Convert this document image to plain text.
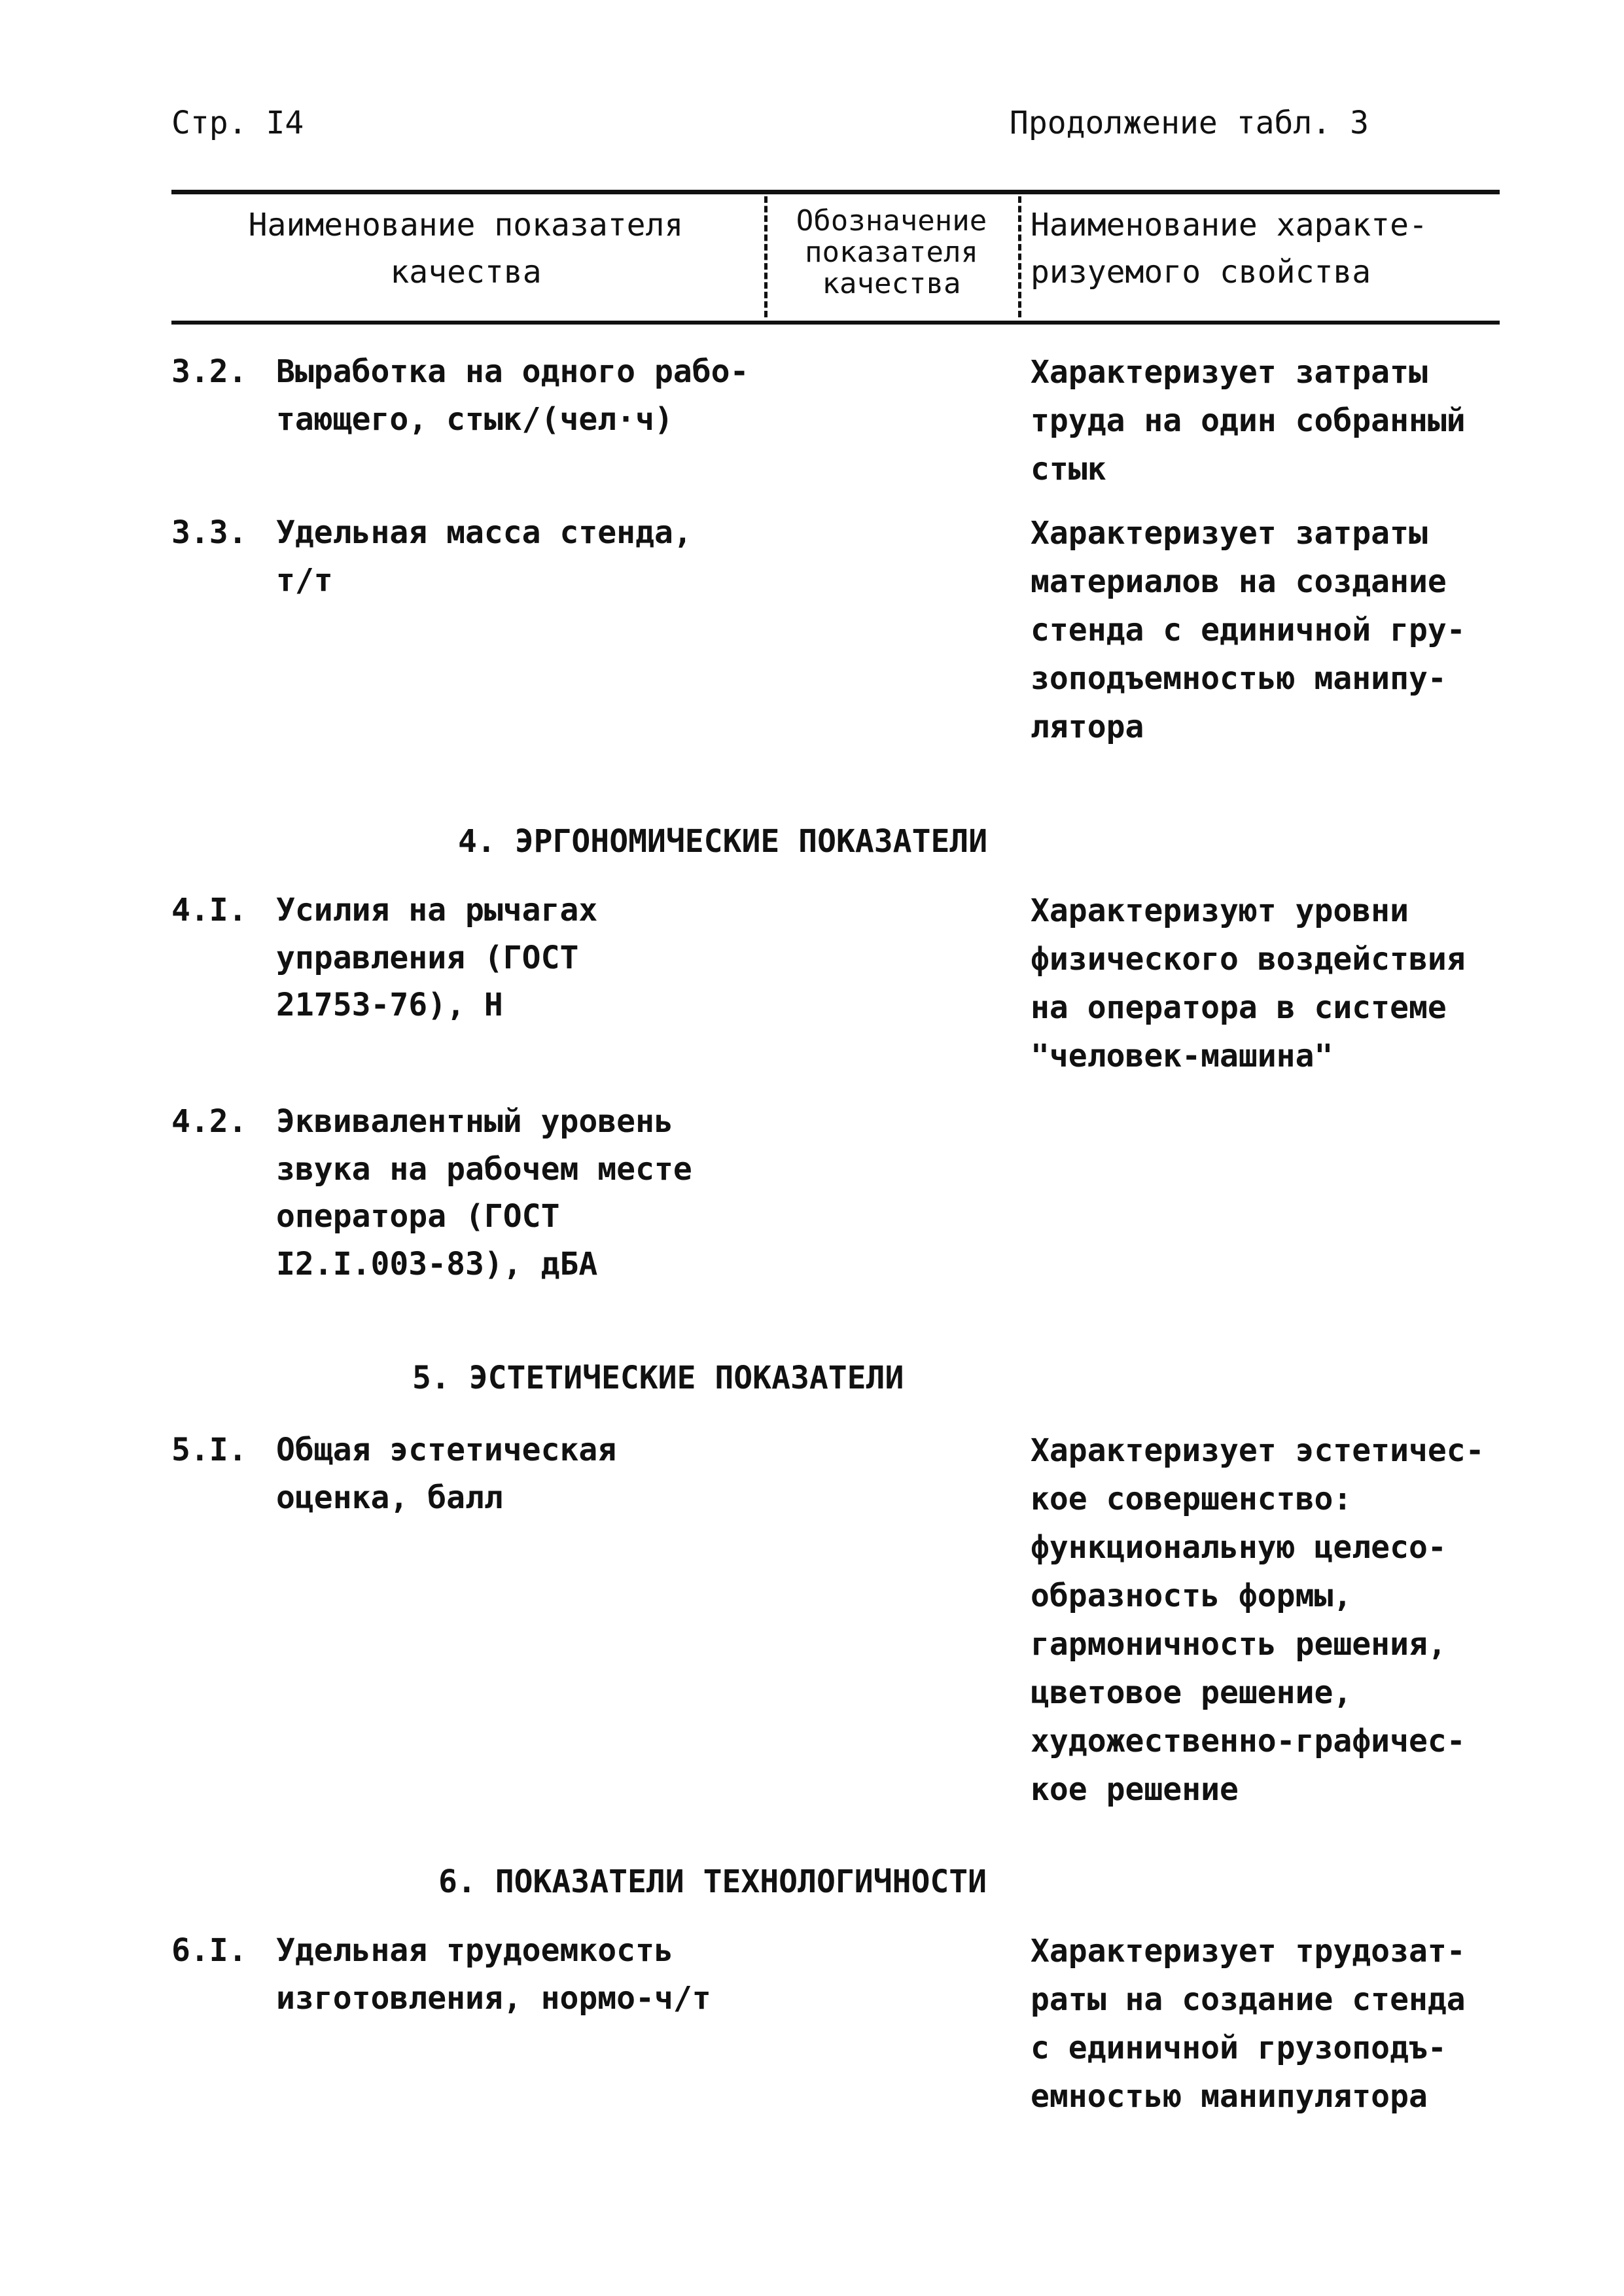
Стр. I4	Продолжение табл. 3
Наименование показателя
качества
Обозначение
показателя
качества
Наименование характе-
ризуемого свойства
3.2. Выработка на одного рабо-
тающего, стык/(чел·ч)
Характеризует затраты
труда на один собранный
стык
3.3. Удельная масса стенда,
т/т
Характеризует затраты
материалов на создание
стенда с единичной гру-
зоподъемностью манипу-
лятора
4. ЭРГОНОМИЧЕСКИЕ ПОКАЗАТЕЛИ
4.I. Усилия на рычагах
управления (ГОСТ
21753-76), Н
Характеризуют уровни
физического воздействия
на оператора в системе
"человек-машина"
4.2. Эквивалентный уровень
звука на рабочем месте
оператора (ГОСТ
I2.I.003-83), дБА
5. ЭСТЕТИЧЕСКИЕ ПОКАЗАТЕЛИ
5.I. Общая эстетическая
оценка, балл
Характеризует эстетичес-
кое совершенство:
функциональную целесо-
образность формы,
гармоничность решения,
цветовое решение,
художественно-графичес-
кое решение
6. ПОКАЗАТЕЛИ ТЕХНОЛОГИЧНОСТИ
6.I. Удельная трудоемкость
изготовления, нормо-ч/т
Характеризует трудозат-
раты на создание стенда
с единичной грузоподъ-
емностью манипулятора
